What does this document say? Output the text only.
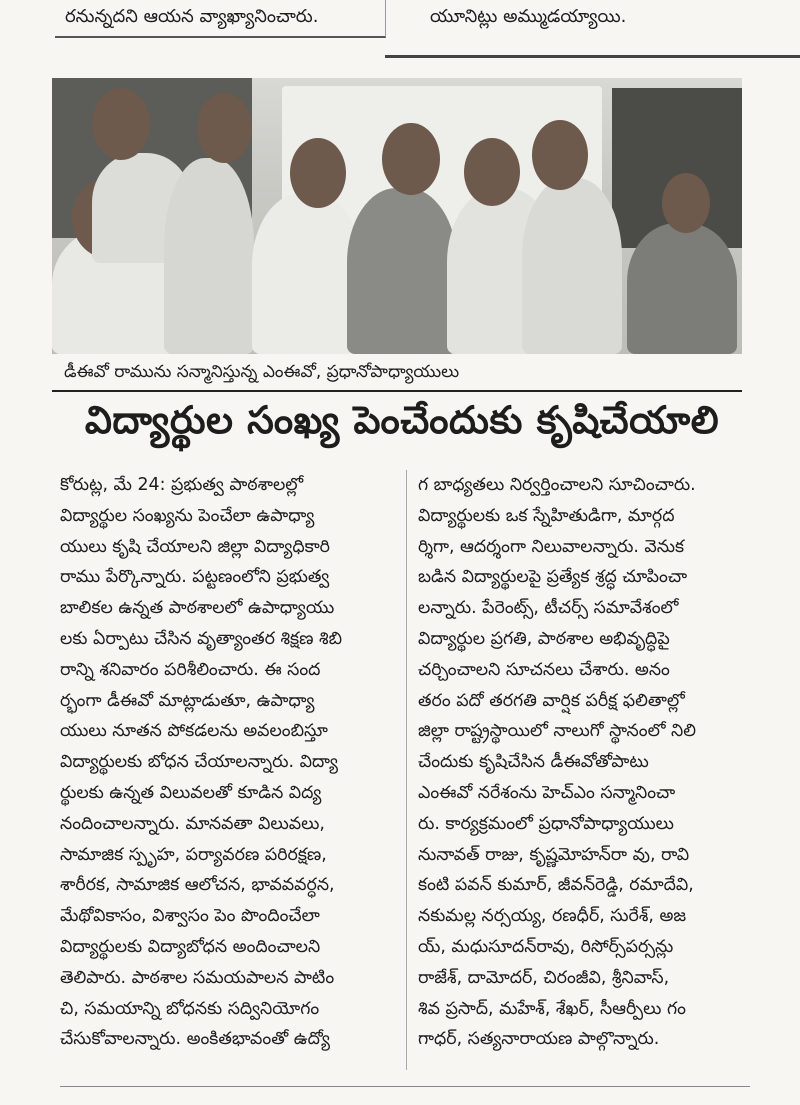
రనున్నదని ఆయన వ్యాఖ్యానించారు.	యూనిట్లు అమ్ముడయ్యాయి.
డీఈవో రామును సన్మానిస్తున్న ఎంఈవో, ప్రధానోపాధ్యాయులు
విద్యార్థుల సంఖ్య పెంచేందుకు కృషిచేయాలి
కోరుట్ల, మే 24: ప్రభుత్వ పాఠశాలల్లో
విద్యార్థుల సంఖ్యను పెంచేలా ఉపాధ్యా
యులు కృషి చేయాలని జిల్లా విద్యాధికారి
రాము పేర్కొన్నారు. పట్టణంలోని ప్రభుత్వ
బాలికల ఉన్నత పాఠశాలలో ఉపాధ్యాయు
లకు ఏర్పాటు చేసిన వృత్యాంతర శిక్షణ శిబి
రాన్ని శనివారం పరిశీలించారు. ఈ సంద
ర్భంగా డీఈవో మాట్లాడుతూ, ఉపాధ్యా
యులు నూతన పోకడలను అవలంబిస్తూ
విద్యార్థులకు బోధన చేయాలన్నారు. విద్యా
ర్థులకు ఉన్నత విలువలతో కూడిన విద్య
నందించాలన్నారు. మానవతా విలువలు,
సామాజిక స్పృహ, పర్యావరణ పరిరక్షణ,
శారీరక, సామాజిక ఆలోచన, భావవవర్ధన,
మేథోవికాసం, విశ్వాసం పెం పొందించేలా
విద్యార్థులకు విద్యాబోధన అందించాలని
తెలిపారు. పాఠశాల సమయపాలన పాటిం
చి, సమయాన్ని బోధనకు సద్వినియోగం
చేసుకోవాలన్నారు. అంకితభావంతో ఉద్యో
గ బాధ్యతలు నిర్వర్తించాలని సూచించారు.
విద్యార్థులకు ఒక స్నేహితుడిగా, మార్గద
ర్శిగా, ఆదర్శంగా నిలువాలన్నారు. వెనుక
బడిన విద్యార్థులపై ప్రత్యేక శ్రద్ధ చూపించా
లన్నారు. పేరెంట్స్, టీచర్స్ సమావేశంలో
విద్యార్థుల ప్రగతి, పాఠశాల అభివృద్ధిపై
చర్చించాలని సూచనలు చేశారు. అనం
తరం పదో తరగతి వార్షిక పరీక్ష ఫలితాల్లో
జిల్లా రాష్ట్రస్థాయిలో నాలుగో స్థానంలో నిలి
చేందుకు కృషిచేసిన డీఈవోతోపాటు
ఎంఈవో నరేశంను హెచ్ఎం సన్మానించా
రు. కార్యక్రమంలో ప్రధానోపాధ్యాయులు
నునావత్ రాజు, కృష్ణమోహన్‌రా వు, రావి
కంటి పవన్ కుమార్, జీవన్‌రెడ్డి, రమాదేవి,
నకుమల్ల నర్సయ్య, రణధీర్, సురేశ్, అజ
య్, మధుసూదన్‌రావు, రిసోర్స్‌పర్సన్లు
రాజేశ్, దామోదర్, చిరంజీవి, శ్రీనివాస్,
శివ ప్రసాద్, మహేశ్, శేఖర్, సీఆర్పీలు గం
గాధర్, సత్యనారాయణ పాల్గొన్నారు.
